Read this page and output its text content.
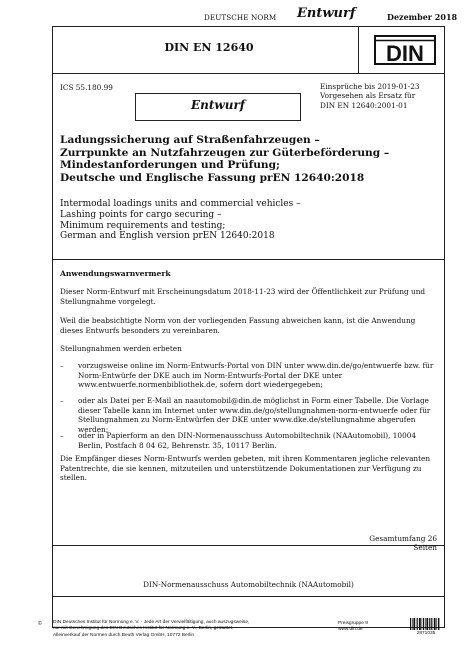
DEUTSCHE NORM Entwurf	Dezember 2018
DIN EN 12640	DIN
ICS 55.180.99
Entwurf
Einsprüche bis 2019-01-23
Vorgesehen als Ersatz für
DIN EN 12640:2001-01
Ladungssicherung auf Straßenfahrzeugen –
Zurrpunkte an Nutzfahrzeugen zur Güterbeförderung –
Mindestanforderungen und Prüfung;
Deutsche und Englische Fassung prEN 12640:2018
Intermodal loadings units and commercial vehicles –
Lashing points for cargo securing –
Minimum requirements and testing;
German and English version prEN 12640:2018
Anwendungswarnvermerk
Dieser Norm-Entwurf mit Erscheinungsdatum 2018-11-23 wird der Öffentlichkeit zur Prüfung und Stellungnahme vorgelegt.
Weil die beabsichtigte Norm von der vorliegenden Fassung abweichen kann, ist die Anwendung dieses Entwurfs besonders zu vereinbaren.
Stellungnahmen werden erbeten
– vorzugsweise online im Norm-Entwurfs-Portal von DIN unter www.din.de/go/entwuerfe bzw. für Norm-Entwürfe der DKE auch im Norm-Entwurfs-Portal der DKE unter www.entwuerfe.normenbibliothek.de, sofern dort wiedergegeben;
– oder als Datei per E-Mail an naautomobil@din.de möglichst in Form einer Tabelle. Die Vorlage dieser Tabelle kann im Internet unter www.din.de/go/stellungnahmen-norm-entwuerfe oder für Stellungnahmen zu Norm-Entwürfen der DKE unter www.dke.de/stellungnahme abgerufen werden;
– oder in Papierform an den DIN-Normenausschuss Automobiltechnik (NAAutomobil), 10004 Berlin, Postfach 8 04 62, Behrenstr. 35, 10117 Berlin.
Die Empfänger dieses Norm-Entwurfs werden gebeten, mit ihren Kommentaren jegliche relevanten Patentrechte, die sie kennen, mitzuteilen und unterstützende Dokumentationen zur Verfügung zu stellen.
Gesamtumfang 26 Seiten
DIN-Normenausschuss Automobiltechnik (NAAutomobil)
© DIN Deutsches Institut für Normung e. V. · Jede Art der Vervielfältigung, auch auszugsweise,
nur mit Genehmigung des DIN Deutsches Institut für Normung e. V., Berlin, gestattet.
Alleinverkauf der Normen durch Beuth Verlag GmbH, 10772 Berlin
Preisgruppe 9
www.din.de
2871035
